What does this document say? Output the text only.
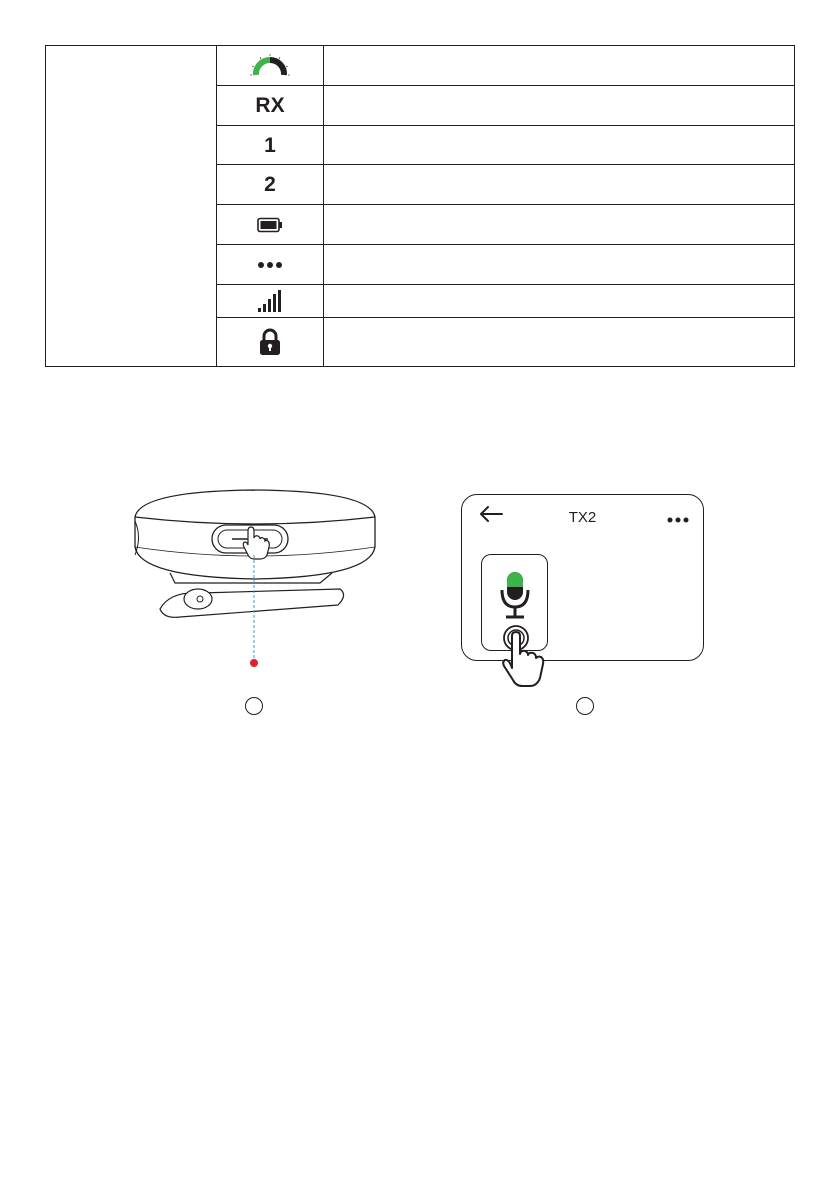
RX
1
2
TX2
